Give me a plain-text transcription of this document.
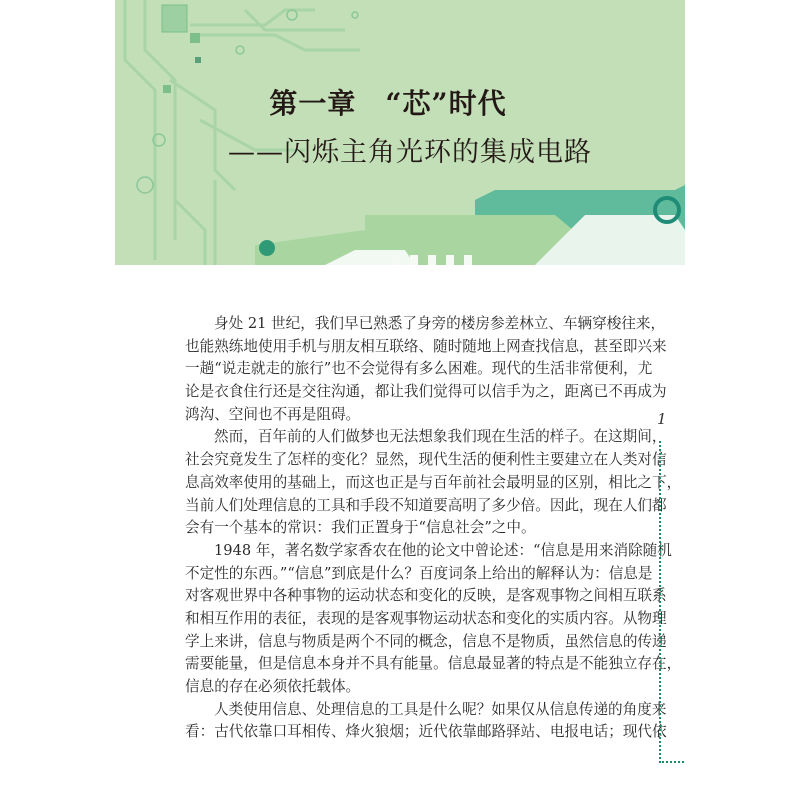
第一章　“芯”时代
——闪烁主角光环的集成电路
身处 21 世纪，我们早已熟悉了身旁的楼房参差林立、车辆穿梭往来，
也能熟练地使用手机与朋友相互联络、随时随地上网查找信息，甚至即兴来
一趟“说走就走的旅行”也不会觉得有多么困难。现代的生活非常便利，尤
论是衣食住行还是交往沟通，都让我们觉得可以信手为之，距离已不再成为
鸿沟、空间也不再是阻碍。
然而，百年前的人们做梦也无法想象我们现在生活的样子。在这期间，
社会究竟发生了怎样的变化？显然，现代生活的便利性主要建立在人类对信
息高效率使用的基础上，而这也正是与百年前社会最明显的区别，相比之下，
当前人们处理信息的工具和手段不知道要高明了多少倍。因此，现在人们都
会有一个基本的常识：我们正置身于“信息社会”之中。
1948 年，著名数学家香农在他的论文中曾论述：“信息是用来消除随机
不定性的东西。”“信息”到底是什么？百度词条上给出的解释认为：信息是
对客观世界中各种事物的运动状态和变化的反映，是客观事物之间相互联系
和相互作用的表征，表现的是客观事物运动状态和变化的实质内容。从物理
学上来讲，信息与物质是两个不同的概念，信息不是物质，虽然信息的传递
需要能量，但是信息本身并不具有能量。信息最显著的特点是不能独立存在，
信息的存在必须依托载体。
人类使用信息、处理信息的工具是什么呢？如果仅从信息传递的角度来
看：古代依靠口耳相传、烽火狼烟；近代依靠邮路驿站、电报电话；现代依
1
